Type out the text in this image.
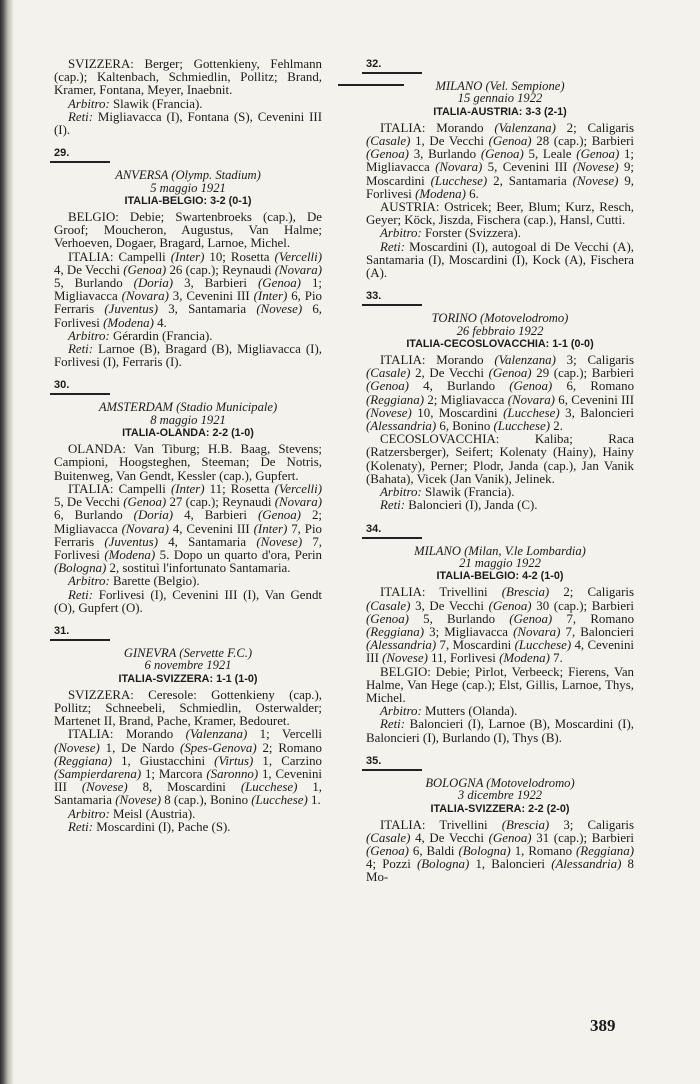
SVIZZERA: Berger; Gottenkieny, Fehlmann (cap.); Kaltenbach, Schmiedlin, Pollitz; Brand, Kramer, Fontana, Meyer, Inaebnit.

Arbitro: Slawik (Francia).

Reti: Migliavacca (I), Fontana (S), Cevenini III (I).

29.

ANVERSA (Olymp. Stadium)

5 maggio 1921

ITALIA-BELGIO: 3-2 (0-1)

BELGIO: Debie; Swartenbroeks (cap.), De Groof; Moucheron, Augustus, Van Halme; Verhoeven, Dogaer, Bragard, Larnoe, Michel.

ITALIA: Campelli (Inter) 10; Rosetta (Vercelli) 4, De Vecchi (Genoa) 26 (cap.); Reynaudi (Novara) 5, Burlando (Doria) 3, Barbieri (Genoa) 1; Migliavacca (Novara) 3, Cevenini III (Inter) 6, Pio Ferraris (Juventus) 3, Santamaria (Novese) 6, Forlivesi (Modena) 4.

Arbitro: Gérardin (Francia).

Reti: Larnoe (B), Bragard (B), Migliavacca (I), Forlivesi (I), Ferraris (I).

30.

AMSTERDAM (Stadio Municipale)

8 maggio 1921

ITALIA-OLANDA: 2-2 (1-0)

OLANDA: Van Tiburg; H.B. Baag, Stevens; Campioni, Hoogsteghen, Steeman; De Notris, Buitenweg, Van Gendt, Kessler (cap.), Gupfert.

ITALIA: Campelli (Inter) 11; Rosetta (Vercelli) 5, De Vecchi (Genoa) 27 (cap.); Reynaudi (Novara) 6, Burlando (Doria) 4, Barbieri (Genoa) 2; Migliavacca (Novara) 4, Cevenini III (Inter) 7, Pio Ferraris (Juventus) 4, Santamaria (Novese) 7, Forlivesi (Modena) 5. Dopo un quarto d'ora, Perin (Bologna) 2, sostituì l'infortunato Santamaria.

Arbitro: Barette (Belgio).

Reti: Forlivesi (I), Cevenini III (I), Van Gendt (O), Gupfert (O).

31.

GINEVRA (Servette F.C.)

6 novembre 1921

ITALIA-SVIZZERA: 1-1 (1-0)

SVIZZERA: Ceresole: Gottenkieny (cap.), Pollitz; Schneebeli, Schmiedlin, Osterwalder; Martenet II, Brand, Pache, Kramer, Bedouret.

ITALIA: Morando (Valenzana) 1; Vercelli (Novese) 1, De Nardo (Spes-Genova) 2; Romano (Reggiana) 1, Giustacchini (Virtus) 1, Carzino (Sampierdarena) 1; Marcora (Saronno) 1, Cevenini III (Novese) 8, Moscardini (Lucchese) 1, Santamaria (Novese) 8 (cap.), Bonino (Lucchese) 1.

Arbitro: Meisl (Austria).

Reti: Moscardini (I), Pache (S).

32.

MILANO (Vel. Sempione)

15 gennaio 1922

ITALIA-AUSTRIA: 3-3 (2-1)

ITALIA: Morando (Valenzana) 2; Caligaris (Casale) 1, De Vecchi (Genoa) 28 (cap.); Barbieri (Genoa) 3, Burlando (Genoa) 5, Leale (Genoa) 1; Migliavacca (Novara) 5, Cevenini III (Novese) 9; Moscardini (Lucchese) 2, Santamaria (Novese) 9, Forlivesi (Modena) 6.

AUSTRIA: Ostricek; Beer, Blum; Kurz, Resch, Geyer; Köck, Jiszda, Fischera (cap.), Hansl, Cutti.

Arbitro: Forster (Svizzera).

Reti: Moscardini (I), autogoal di De Vecchi (A), Santamaria (I), Moscardini (I), Kock (A), Fischera (A).

33.

TORINO (Motovelodromo)

26 febbraio 1922

ITALIA-CECOSLOVACCHIA: 1-1 (0-0)

ITALIA: Morando (Valenzana) 3; Caligaris (Casale) 2, De Vecchi (Genoa) 29 (cap.); Barbieri (Genoa) 4, Burlando (Genoa) 6, Romano (Reggiana) 2; Migliavacca (Novara) 6, Cevenini III (Novese) 10, Moscardini (Lucchese) 3, Baloncieri (Alessandria) 6, Bonino (Lucchese) 2.

CECOSLOVACCHIA: Kaliba; Raca (Ratzersberger), Seifert; Kolenaty (Hainy), Hainy (Kolenaty), Perner; Plodr, Janda (cap.), Jan Vanik (Bahata), Vicek (Jan Vanik), Jelinek.

Arbitro: Slawik (Francia).

Reti: Baloncieri (I), Janda (C).

34.

MILANO (Milan, V.le Lombardia)

21 maggio 1922

ITALIA-BELGIO: 4-2 (1-0)

ITALIA: Trivellini (Brescia) 2; Caligaris (Casale) 3, De Vecchi (Genoa) 30 (cap.); Barbieri (Genoa) 5, Burlando (Genoa) 7, Romano (Reggiana) 3; Migliavacca (Novara) 7, Baloncieri (Alessandria) 7, Moscardini (Lucchese) 4, Cevenini III (Novese) 11, Forlivesi (Modena) 7.

BELGIO: Debie; Pirlot, Verbeeck; Fierens, Van Halme, Van Hege (cap.); Elst, Gillis, Larnoe, Thys, Michel.

Arbitro: Mutters (Olanda).

Reti: Baloncieri (I), Larnoe (B), Moscardini (I), Baloncieri (I), Burlando (I), Thys (B).

35.

BOLOGNA (Motovelodromo)

3 dicembre 1922

ITALIA-SVIZZERA: 2-2 (2-0)

ITALIA: Trivellini (Brescia) 3; Caligaris (Casale) 4, De Vecchi (Genoa) 31 (cap.); Barbieri (Genoa) 6, Baldi (Bologna) 1, Romano (Reggiana) 4; Pozzi (Bologna) 1, Baloncieri (Alessandria) 8 Mo-

389
